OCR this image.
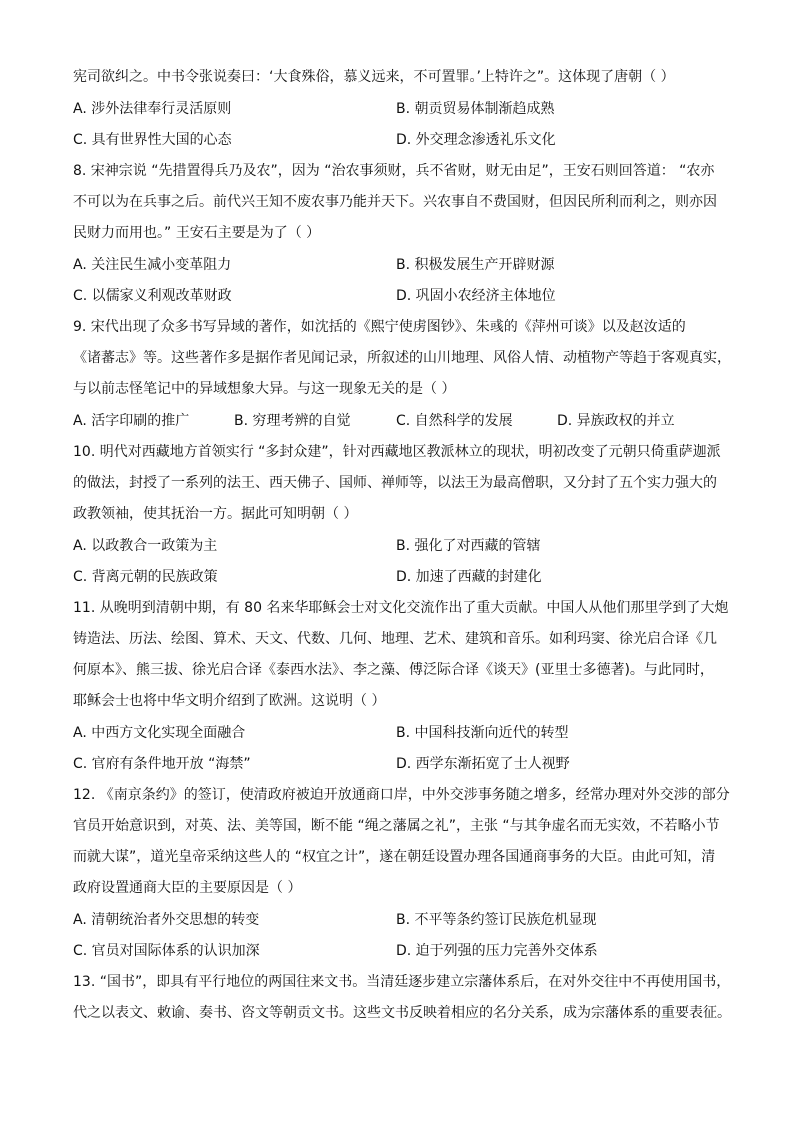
宪司欲纠之。中书令张说奏曰：‘大食殊俗，慕义远来，不可置罪。’上特许之”。这体现了唐朝（ ）
A. 涉外法律奉行灵活原则	B. 朝贡贸易体制渐趋成熟
C. 具有世界性大国的心态	D. 外交理念渗透礼乐文化
8. 宋神宗说 “先措置得兵乃及农”，因为 “治农事须财，兵不省财，财无由足”，王安石则回答道： “农亦
不可以为在兵事之后。前代兴王知不废农事乃能并天下。兴农事自不费国财，但因民所利而利之，则亦因
民财力而用也。” 王安石主要是为了（ ）
A. 关注民生减小变革阻力	B. 积极发展生产开辟财源
C. 以儒家义利观改革财政	D. 巩固小农经济主体地位
9. 宋代出现了众多书写异域的著作，如沈括的《熙宁使虏图钞》、朱彧的《萍州可谈》以及赵汝适的
《诸蕃志》等。这些著作多是据作者见闻记录，所叙述的山川地理、风俗人情、动植物产等趋于客观真实，
与以前志怪笔记中的异域想象大异。与这一现象无关的是（ ）
A. 活字印刷的推广	B. 穷理考辨的自觉	C. 自然科学的发展	D. 异族政权的并立
10. 明代对西藏地方首领实行 “多封众建”，针对西藏地区教派林立的现状，明初改变了元朝只倚重萨迦派
的做法，封授了一系列的法王、西天佛子、国师、禅师等，以法王为最高僧职，又分封了五个实力强大的
政教领袖，使其抚治一方。据此可知明朝（ ）
A. 以政教合一政策为主	B. 强化了对西藏的管辖
C. 背离元朝的民族政策	D. 加速了西藏的封建化
11. 从晚明到清朝中期，有 80 名来华耶稣会士对文化交流作出了重大贡献。中国人从他们那里学到了大炮
铸造法、历法、绘图、算术、天文、代数、几何、地理、艺术、建筑和音乐。如利玛窦、徐光启合译《几
何原本》、熊三拔、徐光启合译《泰西水法》、李之藻、傅泛际合译《谈天》(亚里士多德著)。与此同时，
耶稣会士也将中华文明介绍到了欧洲。这说明（ ）
A. 中西方文化实现全面融合	B. 中国科技渐向近代的转型
C. 官府有条件地开放 “海禁”	D. 西学东渐拓宽了士人视野
12. 《南京条约》的签订，使清政府被迫开放通商口岸，中外交涉事务随之增多，经常办理对外交涉的部分
官员开始意识到，对英、法、美等国，断不能 “绳之藩属之礼”，主张 “与其争虚名而无实效，不若略小节
而就大谋”，道光皇帝采纳这些人的 “权宜之计”，遂在朝廷设置办理各国通商事务的大臣。由此可知，清
政府设置通商大臣的主要原因是（ ）
A. 清朝统治者外交思想的转变	B. 不平等条约签订民族危机显现
C. 官员对国际体系的认识加深	D. 迫于列强的压力完善外交体系
13. “国书”，即具有平行地位的两国往来文书。当清廷逐步建立宗藩体系后，在对外交往中不再使用国书，
代之以表文、敕谕、奏书、咨文等朝贡文书。这些文书反映着相应的名分关系，成为宗藩体系的重要表征。
